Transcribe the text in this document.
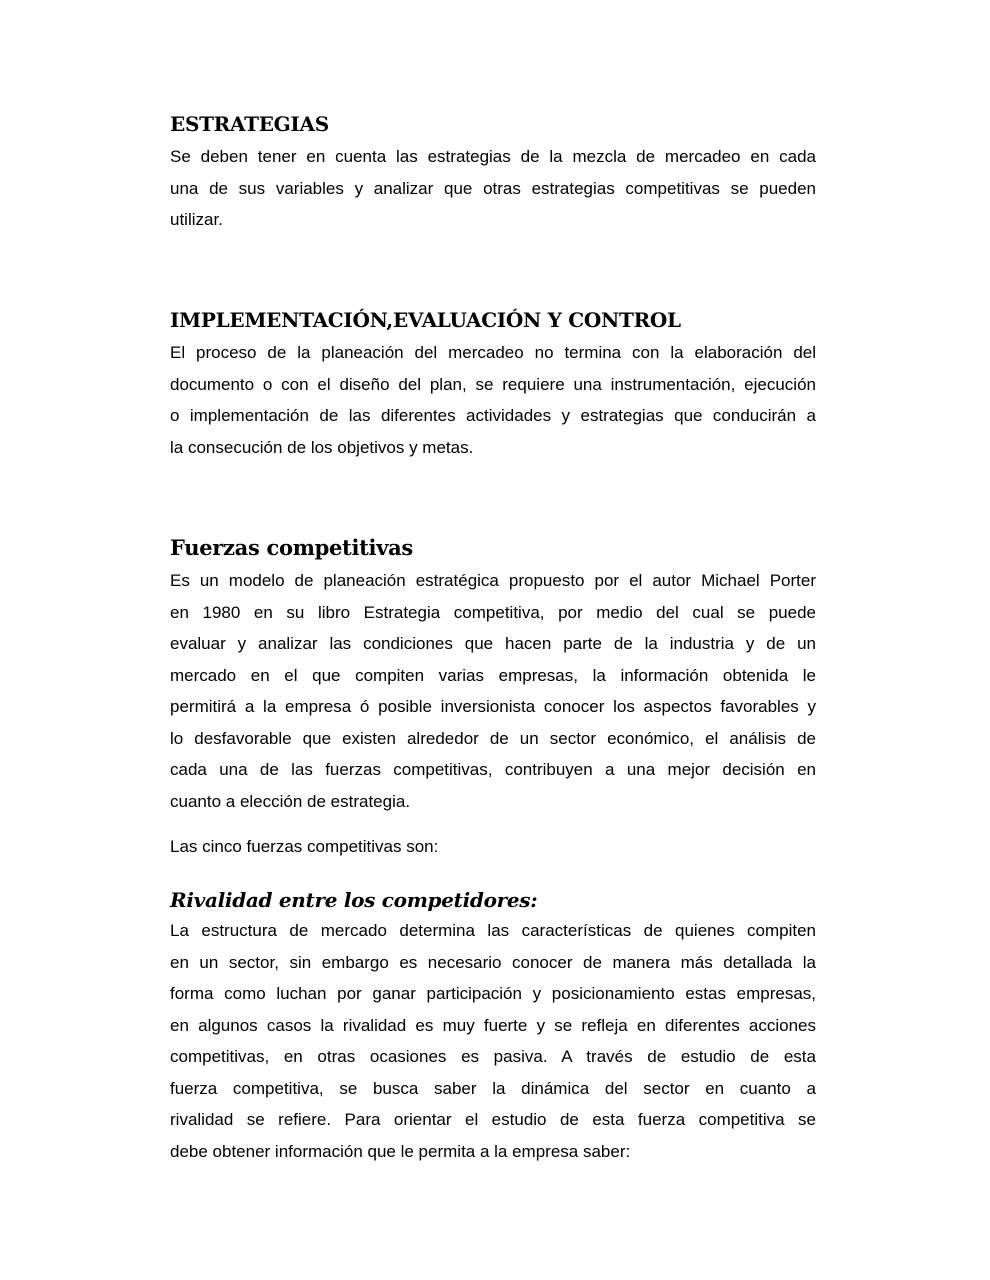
ESTRATEGIAS
Se deben tener en cuenta las estrategias de la mezcla de mercadeo en cada
una de sus variables y analizar que otras estrategias competitivas se pueden
utilizar.
IMPLEMENTACIÓN,EVALUACIÓN Y CONTROL
El proceso de la planeación del mercadeo no termina con la elaboración del
documento o con el diseño del plan, se requiere una instrumentación, ejecución
o implementación de las diferentes actividades y estrategias que conducirán a
la consecución de los objetivos y metas.
Fuerzas competitivas
Es un modelo de planeación estratégica propuesto por el autor Michael Porter
en 1980 en su libro Estrategia competitiva, por medio del cual se puede
evaluar y analizar las condiciones que hacen parte de la industria y de un
mercado en el que compiten varias empresas, la información obtenida le
permitirá a la empresa ó posible inversionista conocer los aspectos favorables y
lo desfavorable que existen alrededor de un sector económico, el análisis de
cada una de las fuerzas competitivas, contribuyen a una mejor decisión en
cuanto a elección de estrategia.
Las cinco fuerzas competitivas son:
Rivalidad entre los competidores:
La estructura de mercado determina las características de quienes compiten
en un sector, sin embargo es necesario conocer de manera más detallada la
forma como luchan por ganar participación y posicionamiento estas empresas,
en algunos casos la rivalidad es muy fuerte y se refleja en diferentes acciones
competitivas, en otras ocasiones es pasiva. A través de estudio de esta
fuerza competitiva, se busca saber la dinámica del sector en cuanto a
rivalidad se refiere. Para orientar el estudio de esta fuerza competitiva se
debe obtener información que le permita a la empresa saber:
